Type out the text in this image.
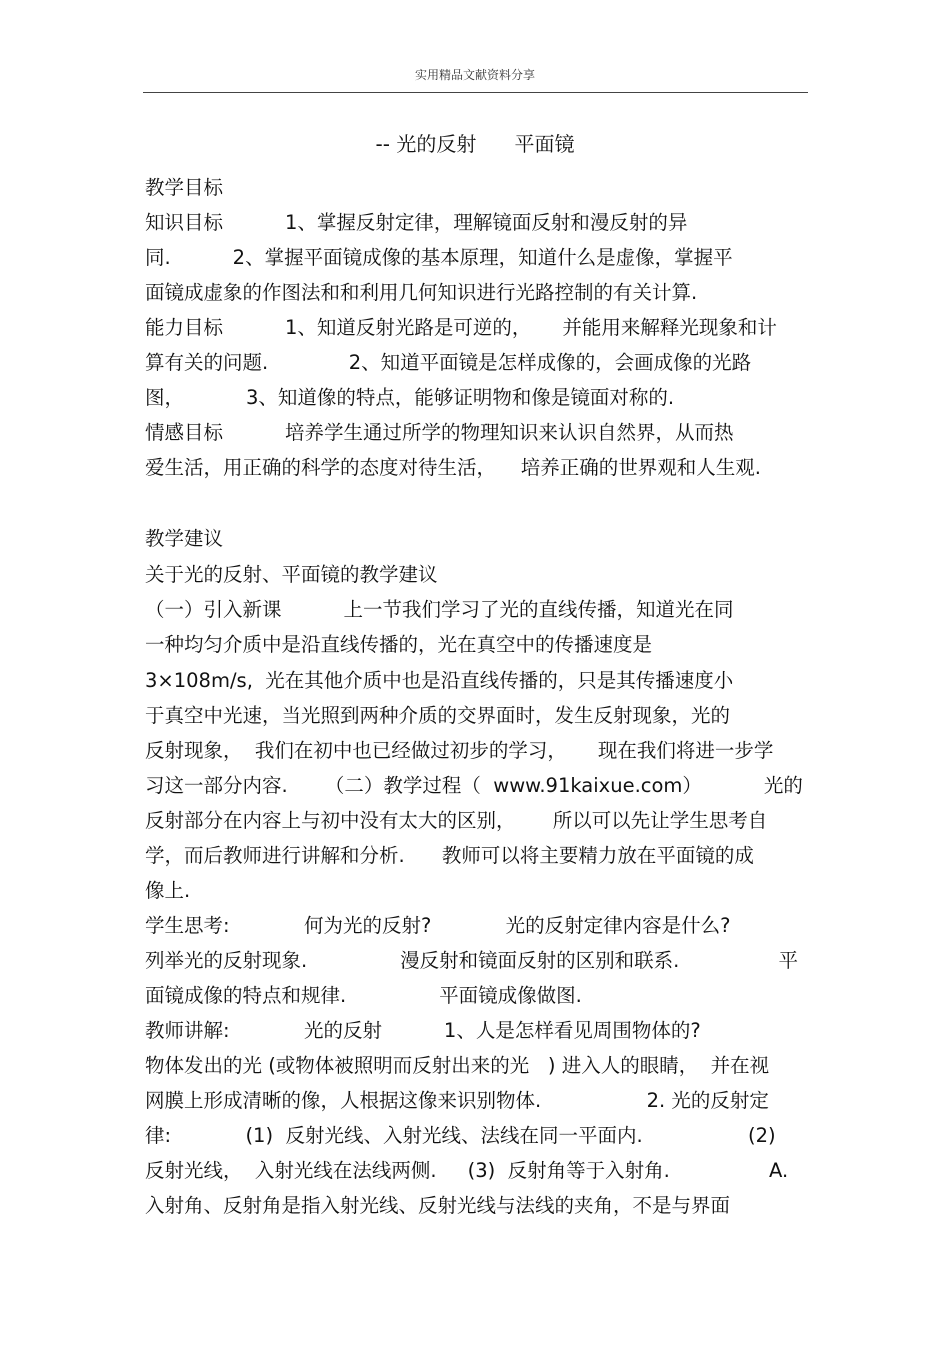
实用精品文献资料分享
-- 光的反射      平面镜
教学目标
知识目标          1、掌握反射定律，理解镜面反射和漫反射的异
同.          2、掌握平面镜成像的基本原理，知道什么是虚像，掌握平
面镜成虚象的作图法和和利用几何知识进行光路控制的有关计算.
能力目标          1、知道反射光路是可逆的，     并能用来解释光现象和计
算有关的问题.             2、知道平面镜是怎样成像的，会画成像的光路
图，          3、知道像的特点，能够证明物和像是镜面对称的.
情感目标          培养学生通过所学的物理知识来认识自然界，从而热
爱生活，用正确的科学的态度对待生活，    培养正确的世界观和人生观.
教学建议
关于光的反射、平面镜的教学建议
（一）引入新课          上一节我们学习了光的直线传播，知道光在同
一种均匀介质中是沿直线传播的，光在真空中的传播速度是
3×108m/s,  光在其他介质中也是沿直线传播的，只是其传播速度小
于真空中光速，当光照到两种介质的交界面时，发生反射现象，光的
反射现象，  我们在初中也已经做过初步的学习，     现在我们将进一步学
习这一部分内容.      （二）教学过程（  www.91kaixue.com）          光的
反射部分在内容上与初中没有太大的区别，      所以可以先让学生思考自
学，而后教师进行讲解和分析.      教师可以将主要精力放在平面镜的成
像上.
学生思考:            何为光的反射?            光的反射定律内容是什么?
列举光的反射现象.               漫反射和镜面反射的区别和联系.                平
面镜成像的特点和规律.               平面镜成像做图.
教师讲解:            光的反射          1、人是怎样看见周围物体的?
物体发出的光 (或物体被照明而反射出来的光   ) 进入人的眼睛，  并在视
网膜上形成清晰的像，人根据这像来识别物体.                 2. 光的反射定
律:            (1)  反射光线、入射光线、法线在同一平面内.                 (2)
反射光线，  入射光线在法线两侧.     (3)  反射角等于入射角.                A.
入射角、反射角是指入射光线、反射光线与法线的夹角，不是与界面
